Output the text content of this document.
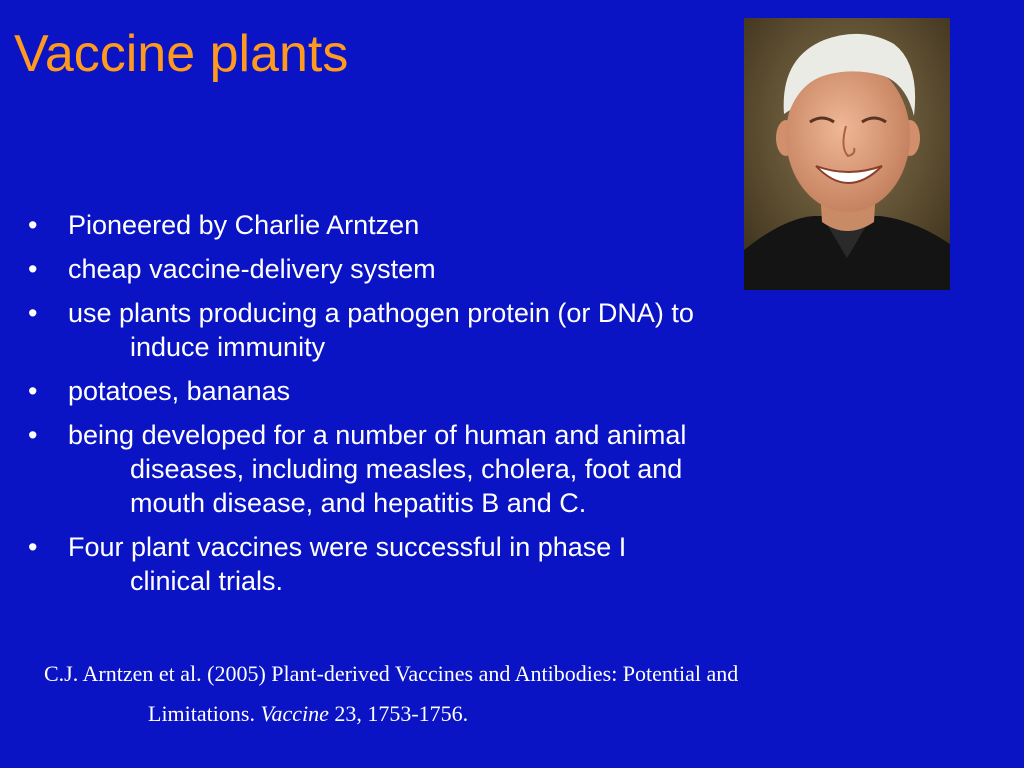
Vaccine plants
• Pioneered by Charlie Arntzen
• cheap vaccine-delivery system
• use plants producing a pathogen protein (or DNA) to
induce immunity
• potatoes, bananas
• being developed for a number of human and animal
diseases, including measles, cholera, foot and
mouth disease, and hepatitis B and C.
• Four plant vaccines were successful in phase I
clinical trials.
C.J. Arntzen et al. (2005) Plant-derived Vaccines and Antibodies: Potential and
Limitations. Vaccine 23, 1753-1756.
